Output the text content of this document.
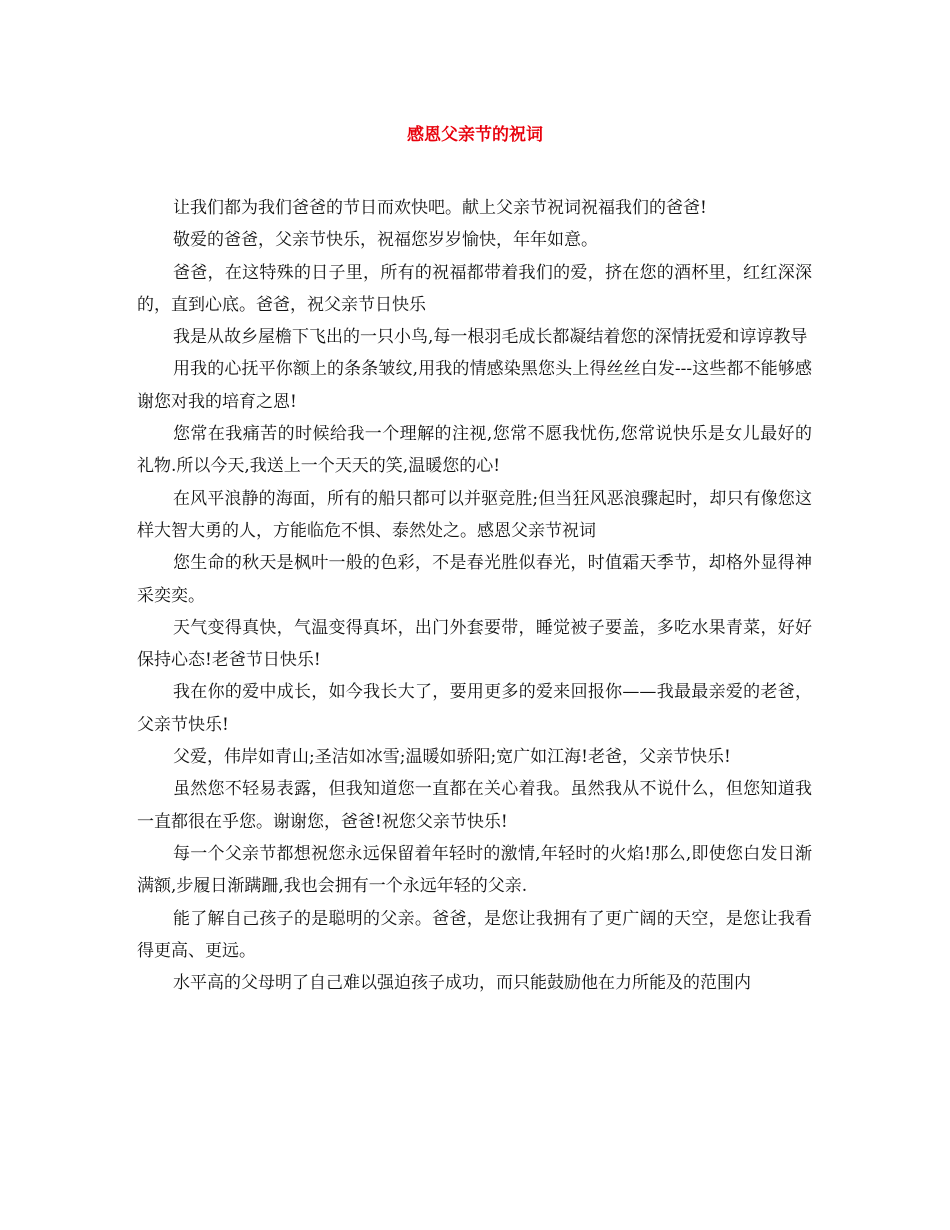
感恩父亲节的祝词

让我们都为我们爸爸的节日而欢快吧。献上父亲节祝词祝福我们的爸爸!

敬爱的爸爸，父亲节快乐，祝福您岁岁愉快，年年如意。

爸爸，在这特殊的日子里，所有的祝福都带着我们的爱，挤在您的酒杯里，红红深深的，直到心底。爸爸，祝父亲节日快乐

我是从故乡屋檐下飞出的一只小鸟,每一根羽毛成长都凝结着您的深情抚爱和谆谆教导

用我的心抚平你额上的条条皱纹,用我的情感染黑您头上得丝丝白发---这些都不能够感谢您对我的培育之恩!

您常在我痛苦的时候给我一个理解的注视,您常不愿我忧伤,您常说快乐是女儿最好的礼物.所以今天,我送上一个天天的笑,温暖您的心!

在风平浪静的海面，所有的船只都可以并驱竞胜;但当狂风恶浪骤起时，却只有像您这样大智大勇的人，方能临危不惧、泰然处之。感恩父亲节祝词

您生命的秋天是枫叶一般的色彩，不是春光胜似春光，时值霜天季节，却格外显得神采奕奕。

天气变得真快，气温变得真坏，出门外套要带，睡觉被子要盖，多吃水果青菜，好好保持心态!老爸节日快乐!

我在你的爱中成长，如今我长大了，要用更多的爱来回报你——我最最亲爱的老爸，父亲节快乐!

父爱，伟岸如青山;圣洁如冰雪;温暖如骄阳;宽广如江海!老爸，父亲节快乐!

虽然您不轻易表露，但我知道您一直都在关心着我。虽然我从不说什么，但您知道我一直都很在乎您。谢谢您，爸爸!祝您父亲节快乐!

每一个父亲节都想祝您永远保留着年轻时的激情,年轻时的火焰!那么,即使您白发日渐满额,步履日渐蹒跚,我也会拥有一个永远年轻的父亲.

能了解自己孩子的是聪明的父亲。爸爸，是您让我拥有了更广阔的天空，是您让我看得更高、更远。

水平高的父母明了自己难以强迫孩子成功，而只能鼓励他在力所能及的范围内
